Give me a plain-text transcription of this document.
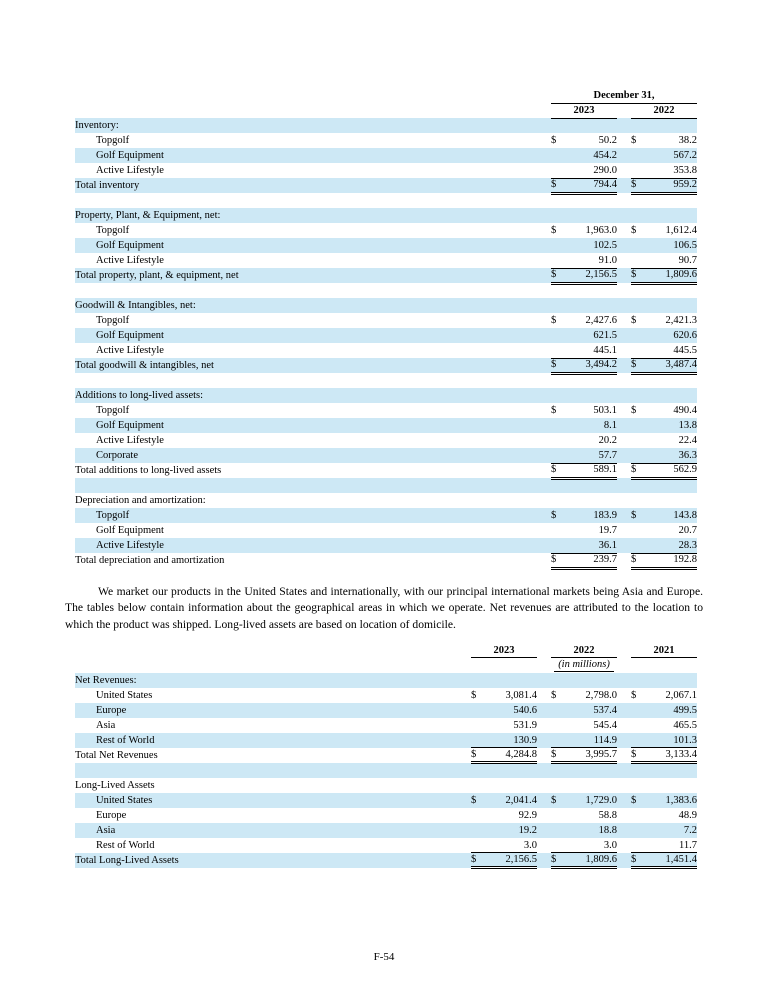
	December 31,				
	2023			2022	
Inventory:					
Topgolf	$	50.2		$	38.2
Golf Equipment		454.2			567.2
Active Lifestyle		290.0			353.8
Total inventory	$	794.4		$	959.2

Property, Plant, & Equipment, net:					
Topgolf	$	1,963.0		$	1,612.4
Golf Equipment		102.5			106.5
Active Lifestyle		91.0			90.7
Total property, plant, & equipment, net	$	2,156.5		$	1,809.6

Goodwill & Intangibles, net:					
Topgolf	$	2,427.6		$	2,421.3
Golf Equipment		621.5			620.6
Active Lifestyle		445.1			445.5
Total goodwill & intangibles, net	$	3,494.2		$	3,487.4

Additions to long-lived assets:					
Topgolf	$	503.1		$	490.4
Golf Equipment		8.1			13.8
Active Lifestyle		20.2			22.4
Corporate		57.7			36.3
Total additions to long-lived assets	$	589.1		$	562.9

Depreciation and amortization:					
Topgolf	$	183.9		$	143.8
Golf Equipment		19.7			20.7
Active Lifestyle		36.1			28.3
Total depreciation and amortization	$	239.7		$	192.8

We market our products in the United States and internationally, with our principal international markets being Asia and Europe. The tables below contain information about the geographical areas in which we operate. Net revenues are attributed to the location to which the product was shipped. Long-lived assets are based on location of domicile.

	2023			2022			2021	
	(in millions)							
Net Revenues:								
United States	$	3,081.4		$	2,798.0		$	2,067.1
Europe		540.6			537.4			499.5
Asia		531.9			545.4			465.5
Rest of World		130.9			114.9			101.3
Total Net Revenues	$	4,284.8		$	3,995.7		$	3,133.4

Long-Lived Assets								
United States	$	2,041.4		$	1,729.0		$	1,383.6
Europe		92.9			58.8			48.9
Asia		19.2			18.8			7.2
Rest of World		3.0			3.0			11.7
Total Long-Lived Assets	$	2,156.5		$	1,809.6		$	1,451.4
F-54
